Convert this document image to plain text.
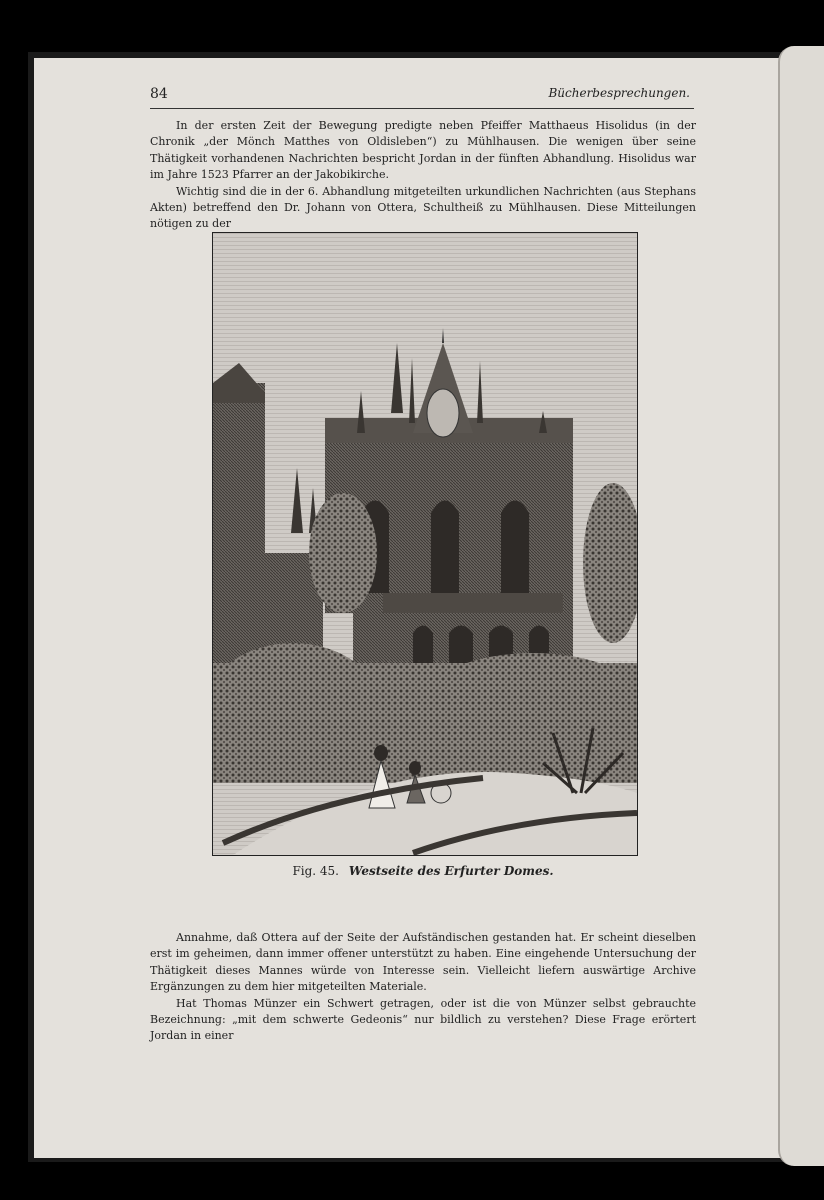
84	Bücherbesprechungen.

In der ersten Zeit der Bewegung predigte neben Pfeiffer Matthaeus Hisolidus (in der Chronik „der Mönch Matthes von Oldisleben“) zu Mühlhausen. Die wenigen über seine Thätigkeit vorhandenen Nachrichten bespricht Jordan in der fünften Abhandlung. Hisolidus war im Jahre 1523 Pfarrer an der Jakobikirche.

Wichtig sind die in der 6. Abhandlung mitgeteilten urkundlichen Nachrichten (aus Stephans Akten) betreffend den Dr. Johann von Ottera, Schultheiß zu Mühlhausen. Diese Mitteilungen nötigen zu der

Fig. 45. Westseite des Erfurter Domes.

Annahme, daß Ottera auf der Seite der Aufständischen gestanden hat. Er scheint dieselben erst im geheimen, dann immer offener unterstützt zu haben. Eine eingehende Untersuchung der Thätigkeit dieses Mannes würde von Interesse sein. Vielleicht liefern auswärtige Archive Ergänzungen zu dem hier mitgeteilten Materiale.

Hat Thomas Münzer ein Schwert getragen, oder ist die von Münzer selbst gebrauchte Bezeichnung: „mit dem schwerte Gedeonis“ nur bildlich zu verstehen? Diese Frage erörtert Jordan in einer
